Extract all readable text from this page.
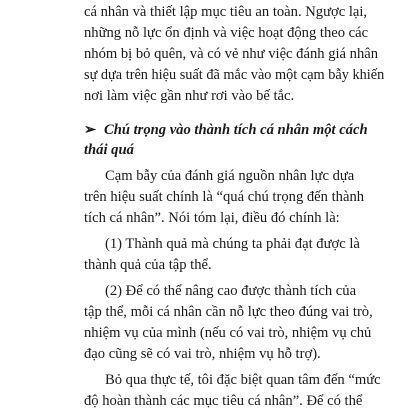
cá nhân và thiết lập mục tiêu an toàn. Ngược lại,
những nỗ lực ổn định và việc hoạt động theo các
nhóm bị bỏ quên, và có vẻ như việc đánh giá nhân
sự dựa trên hiệu suất đã mắc vào một cạm bẫy khiến
nơi làm việc gần như rơi vào bế tắc.
➢ Chú trọng vào thành tích cá nhân một cách
thái quá
Cạm bẫy của đánh giá nguồn nhân lực dựa
trên hiệu suất chính là “quá chú trọng đến thành
tích cá nhân”. Nói tóm lại, điều đó chính là:
(1) Thành quả mà chúng ta phải đạt được là
thành quả của tập thể.
(2) Để có thể nâng cao được thành tích của
tập thể, mỗi cá nhân cần nỗ lực theo đúng vai trò,
nhiệm vụ của mình (nếu có vai trò, nhiệm vụ chủ
đạo cũng sẽ có vai trò, nhiệm vụ hỗ trợ).
Bỏ qua thực tế, tôi đặc biệt quan tâm đến “mức
độ hoàn thành các mục tiêu cá nhân”. Để có thể
